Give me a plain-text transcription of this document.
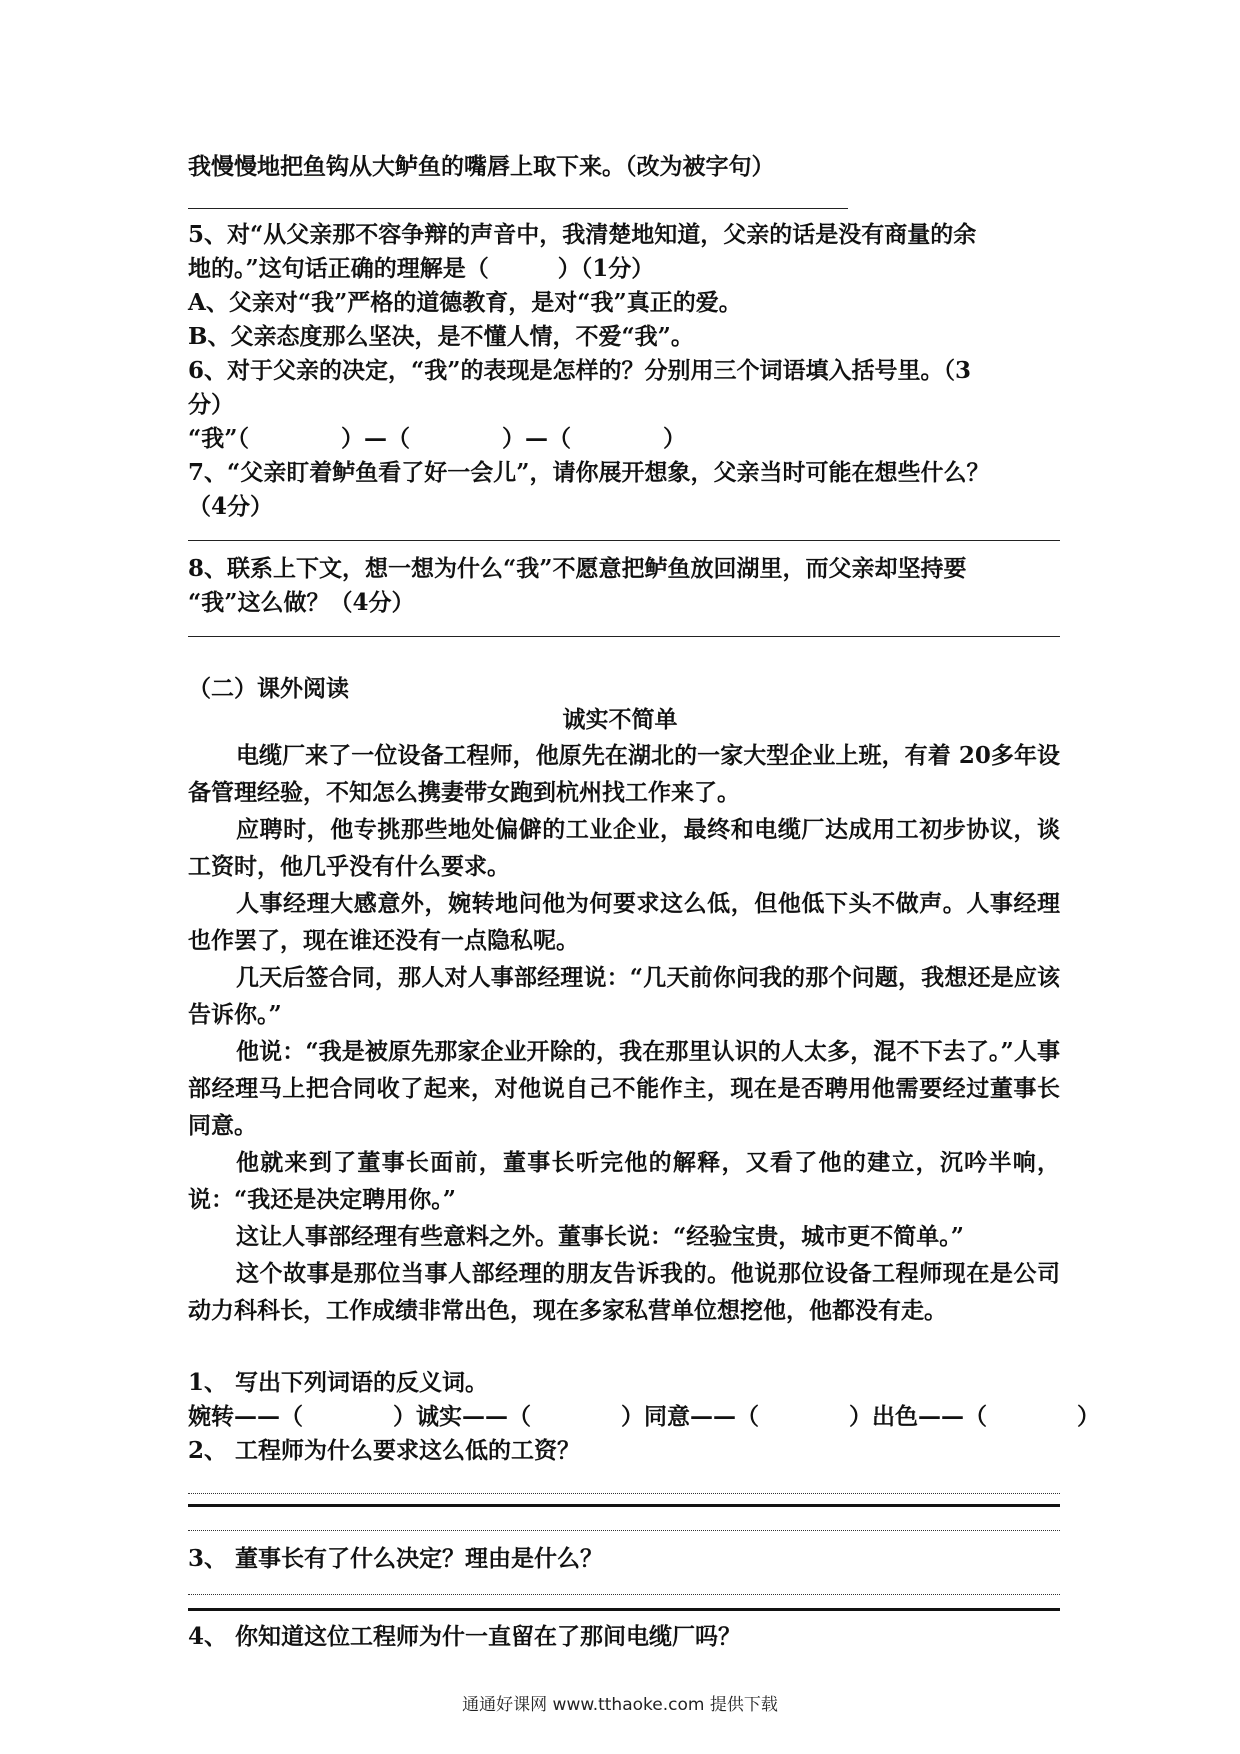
我慢慢地把鱼钩从大鲈鱼的嘴唇上取下来。（改为被字句）
5、对“从父亲那不容争辩的声音中，我清楚地知道，父亲的话是没有商量的余
地的。”这句话正确的理解是（　　　）（1分）
A、父亲对“我”严格的道德教育，是对“我”真正的爱。
B、父亲态度那么坚决，是不懂人情，不爱“我”。
6、对于父亲的决定，“我”的表现是怎样的？分别用三个词语填入括号里。（3
分）
“我”（　　　　）—（　　　　）—（　　　　）
7、“父亲盯着鲈鱼看了好一会儿”，请你展开想象，父亲当时可能在想些什么？
（4分）
8、联系上下文，想一想为什么“我”不愿意把鲈鱼放回湖里，而父亲却坚持要
“我”这么做？（4分）
（二）课外阅读
诚实不简单
电缆厂来了一位设备工程师，他原先在湖北的一家大型企业上班，有着 20多年设备管理经验，不知怎么携妻带女跑到杭州找工作来了。
应聘时，他专挑那些地处偏僻的工业企业，最终和电缆厂达成用工初步协议，谈工资时，他几乎没有什么要求。
人事经理大感意外，婉转地问他为何要求这么低，但他低下头不做声。人事经理也作罢了，现在谁还没有一点隐私呢。
几天后签合同，那人对人事部经理说：“几天前你问我的那个问题，我想还是应该告诉你。”
他说：“我是被原先那家企业开除的，我在那里认识的人太多，混不下去了。”人事部经理马上把合同收了起来，对他说自己不能作主，现在是否聘用他需要经过董事长同意。
他就来到了董事长面前，董事长听完他的解释，又看了他的建立，沉吟半响，说：“我还是决定聘用你。”
这让人事部经理有些意料之外。董事长说：“经验宝贵，城市更不简单。”
这个故事是那位当事人部经理的朋友告诉我的。他说那位设备工程师现在是公司动力科科长，工作成绩非常出色，现在多家私营单位想挖他，他都没有走。
1、 写出下列词语的反义词。
婉转——（	）诚实——（	）同意——（	）出色——（	）
2、 工程师为什么要求这么低的工资？
3、 董事长有了什么决定？理由是什么？
4、 你知道这位工程师为什一直留在了那间电缆厂吗？
通通好课网 www.tthaoke.com 提供下载
